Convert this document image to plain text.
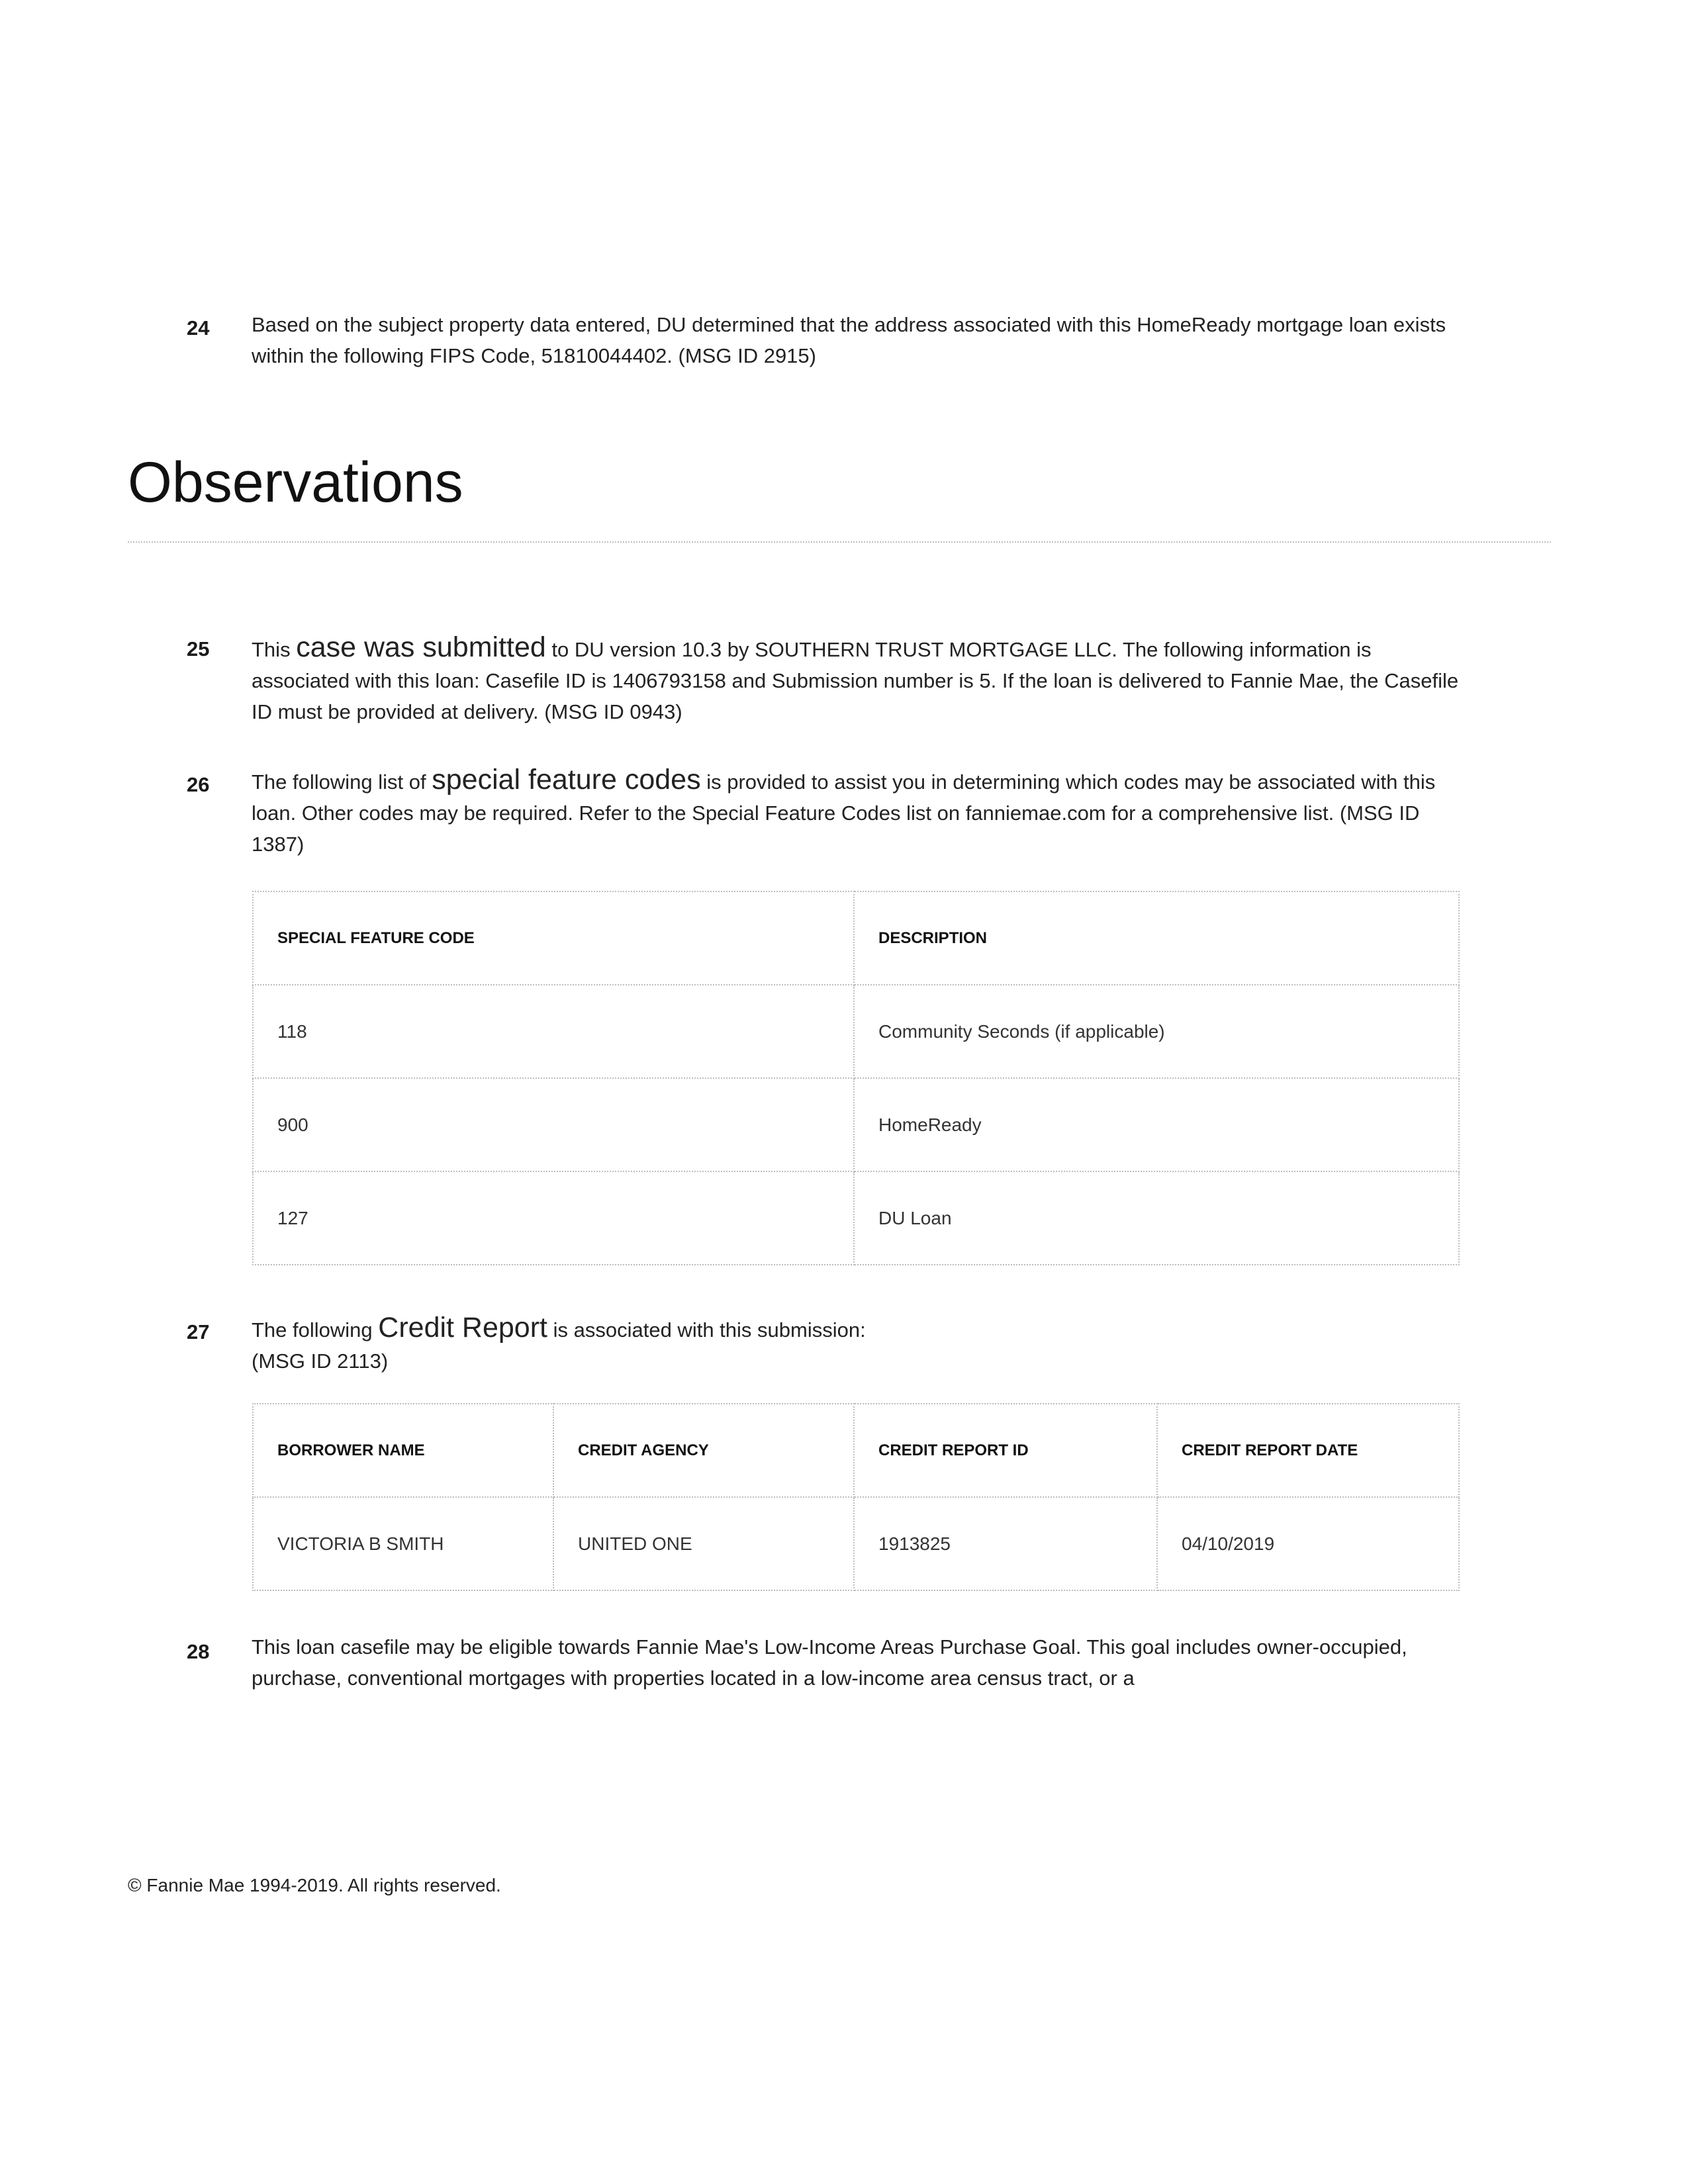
24 Based on the subject property data entered, DU determined that the address associated with this HomeReady mortgage loan exists within the following FIPS Code, 51810044402. (MSG ID 2915)
Observations
25 This case was submitted to DU version 10.3 by SOUTHERN TRUST MORTGAGE LLC. The following information is associated with this loan: Casefile ID is 1406793158 and Submission number is 5. If the loan is delivered to Fannie Mae, the Casefile ID must be provided at delivery. (MSG ID 0943)
26 The following list of special feature codes is provided to assist you in determining which codes may be associated with this loan. Other codes may be required. Refer to the Special Feature Codes list on fanniemae.com for a comprehensive list. (MSG ID 1387)
SPECIAL FEATURE CODE	DESCRIPTION
118	Community Seconds (if applicable)
900	HomeReady
127	DU Loan
27 The following Credit Report is associated with this submission:
(MSG ID 2113)
BORROWER NAME	CREDIT AGENCY	CREDIT REPORT ID	CREDIT REPORT DATE
VICTORIA B SMITH	UNITED ONE	1913825	04/10/2019
28 This loan casefile may be eligible towards Fannie Mae's Low-Income Areas Purchase Goal. This goal includes owner-occupied, purchase, conventional mortgages with properties located in a low-income area census tract, or a
© Fannie Mae 1994-2019. All rights reserved.
